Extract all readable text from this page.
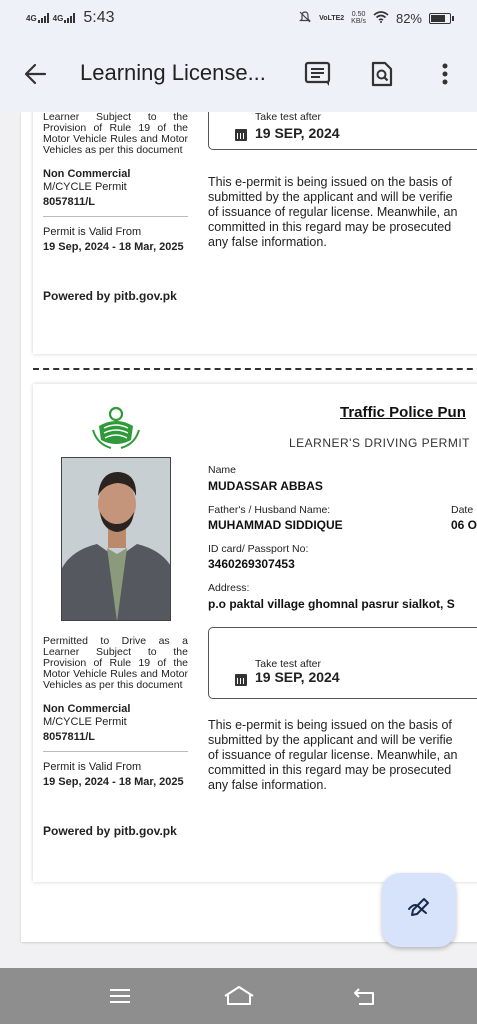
4G 4G 5:43	VoLTE2 0.50
KB/s 82%
Learning License...
Learner Subject to the Provision of Rule 19 of the Motor Vehicle Rules and Motor Vehicles as per this document
Non Commercial
M/CYCLE Permit
8057811/L
Permit is Valid From
19 Sep, 2024 - 18 Mar, 2025
Powered by pitb.gov.pk
Take test after
19 SEP, 2024
This e-permit is being issued on the basis of
submitted by the applicant and will be verifie
of issuance of regular license. Meanwhile, an
committed in this regard may be prosecuted
any false information.
Traffic Police Pun
LEARNER'S DRIVING PERMIT
Name
MUDASSAR ABBAS
Father's / Husband Name:
MUHAMMAD SIDDIQUE
Date
06 O
ID card/ Passport No:
3460269307453
Address:
p.o paktal village ghomnal pasrur sialkot, S
Permitted to Drive as a Learner Subject to the Provision of Rule 19 of the Motor Vehicle Rules and Motor Vehicles as per this document
Non Commercial
M/CYCLE Permit
8057811/L
Permit is Valid From
19 Sep, 2024 - 18 Mar, 2025
Powered by pitb.gov.pk
Take test after
19 SEP, 2024
This e-permit is being issued on the basis of
submitted by the applicant and will be verifie
of issuance of regular license. Meanwhile, an
committed in this regard may be prosecuted
any false information.
